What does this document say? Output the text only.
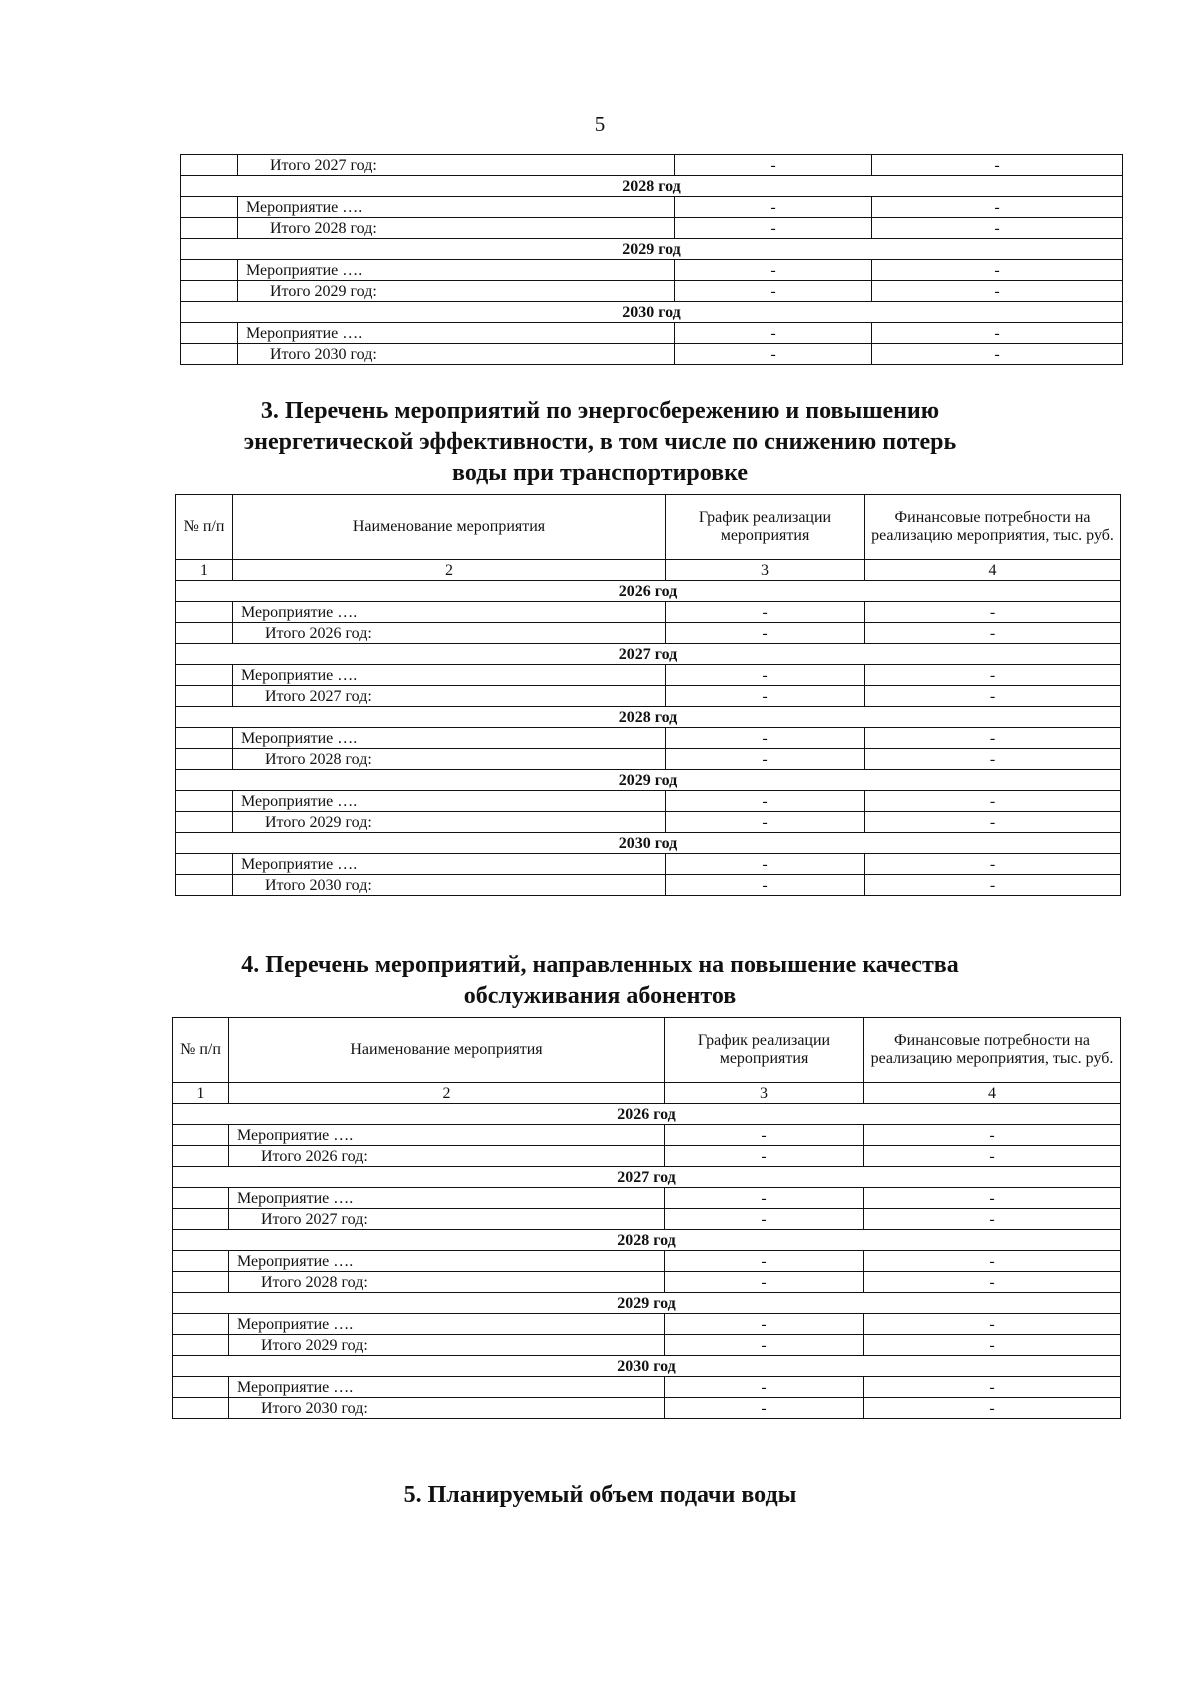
5
	Итого 2027 год:	-	-
2028 год			
	Мероприятие ….	-	-
	Итого 2028 год:	-	-
2029 год			
	Мероприятие ….	-	-
	Итого 2029 год:	-	-
2030 год			
	Мероприятие ….	-	-
	Итого 2030 год:	-	-
3. Перечень мероприятий по энергосбережению и повышению
энергетической эффективности, в том числе по снижению потерь
воды при транспортировке
№ п/п	Наименование мероприятия	График реализации мероприятия	Финансовые потребности на реализацию мероприятия, тыс. руб.
1	2	3	4
2026 год			
	Мероприятие ….	-	-
	Итого 2026 год:	-	-
2027 год			
	Мероприятие ….	-	-
	Итого 2027 год:	-	-
2028 год			
	Мероприятие ….	-	-
	Итого 2028 год:	-	-
2029 год			
	Мероприятие ….	-	-
	Итого 2029 год:	-	-
2030 год			
	Мероприятие ….	-	-
	Итого 2030 год:	-	-
4. Перечень мероприятий, направленных на повышение качества
обслуживания абонентов
№ п/п	Наименование мероприятия	График реализации мероприятия	Финансовые потребности на реализацию мероприятия, тыс. руб.
1	2	3	4
2026 год			
	Мероприятие ….	-	-
	Итого 2026 год:	-	-
2027 год			
	Мероприятие ….	-	-
	Итого 2027 год:	-	-
2028 год			
	Мероприятие ….	-	-
	Итого 2028 год:	-	-
2029 год			
	Мероприятие ….	-	-
	Итого 2029 год:	-	-
2030 год			
	Мероприятие ….	-	-
	Итого 2030 год:	-	-
5. Планируемый объем подачи воды
